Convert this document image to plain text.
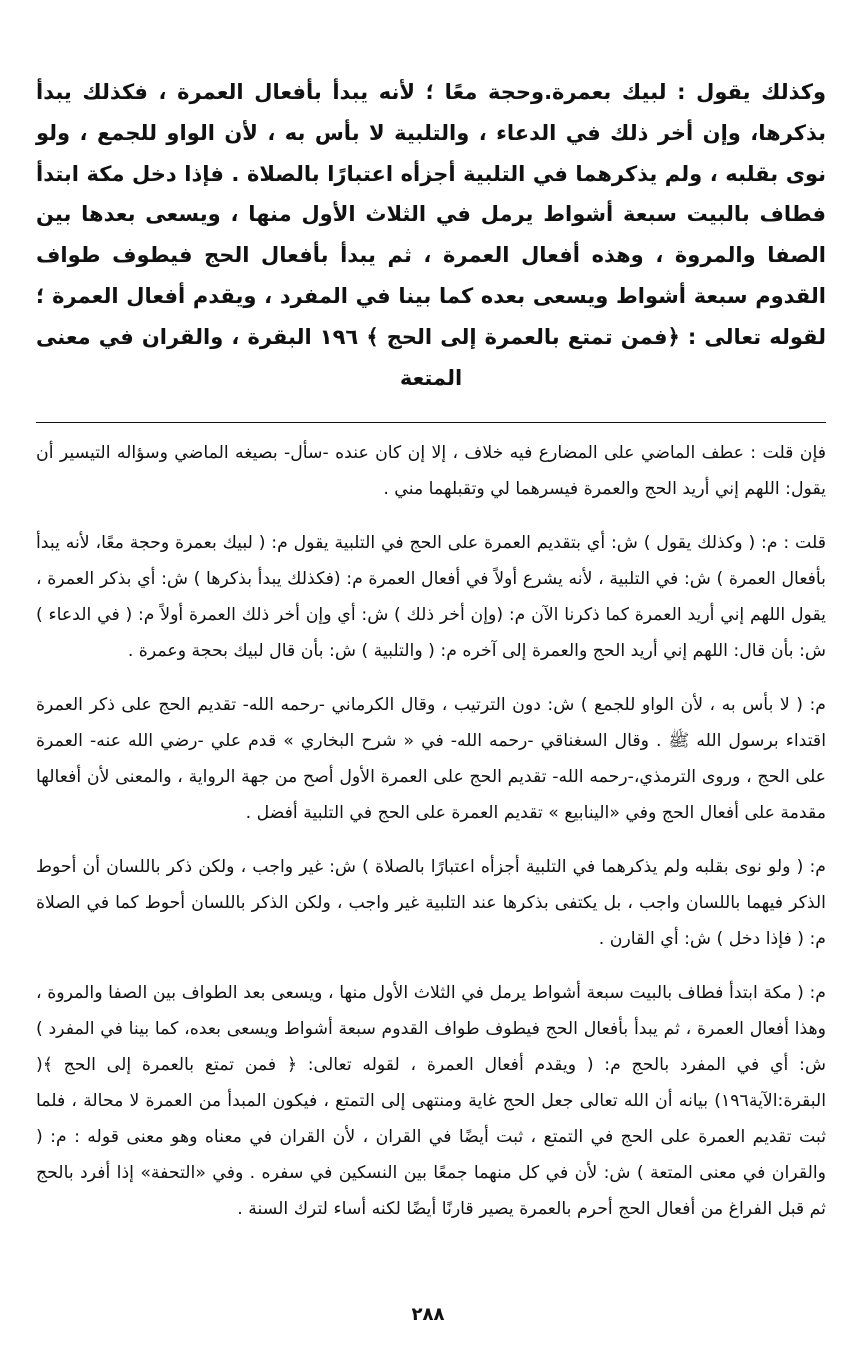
وكذلك يقول : لبيك بعمرة.وحجة معًا ؛ لأنه يبدأ بأفعال العمرة ، فكذلك يبدأ بذكرها، وإن أخر ذلك في الدعاء ، والتلبية لا بأس به ، لأن الواو للجمع ، ولو نوى بقلبه ، ولم يذكرهما في التلبية أجزأه اعتبارًا بالصلاة . فإذا دخل مكة ابتدأ فطاف بالبيت سبعة أشواط يرمل في الثلاث الأول منها ، ويسعى بعدها بين الصفا والمروة ، وهذه أفعال العمرة ، ثم يبدأ بأفعال الحج فيطوف طواف القدوم سبعة أشواط ويسعى بعده كما بينا في المفرد ، ويقدم أفعال العمرة ؛ لقوله تعالى : ﴿فمن تمتع بالعمرة إلى الحج ﴾ ١٩٦ البقرة ، والقران في معنى المتعة

فإن قلت : عطف الماضي على المضارع فيه خلاف ، إلا إن كان عنده -سأل- بصيغه الماضي وسؤاله التيسير أن يقول: اللهم إني أريد الحج والعمرة فيسرهما لي وتقبلهما مني .

قلت : م: ( وكذلك يقول ) ش: أي بتقديم العمرة على الحج في التلبية يقول م: ( لبيك بعمرة وحجة معًا، لأنه يبدأ بأفعال العمرة ) ش: في التلبية ، لأنه يشرع أولاً في أفعال العمرة م: (فكذلك يبدأ بذكرها ) ش: أي بذكر العمرة ، يقول اللهم إني أريد العمرة كما ذكرنا الآن م: (وإن أخر ذلك ) ش: أي وإن أخر ذلك العمرة أولاً م: ( في الدعاء ) ش: بأن قال: اللهم إني أريد الحج والعمرة إلى آخره م: ( والتلبية ) ش: بأن قال لبيك بحجة وعمرة .

م: ( لا بأس به ، لأن الواو للجمع ) ش: دون الترتيب ، وقال الكرماني -رحمه الله- تقديم الحج على ذكر العمرة اقتداء برسول الله ﷺ . وقال السغناقي -رحمه الله- في « شرح البخاري » قدم علي -رضي الله عنه- العمرة على الحج ، وروى الترمذي،-رحمه الله- تقديم الحج على العمرة الأول أصح من جهة الرواية ، والمعنى لأن أفعالها مقدمة على أفعال الحج وفي «الينابيع » تقديم العمرة على الحج في التلبية أفضل .

م: ( ولو نوى بقلبه ولم يذكرهما في التلبية أجزأه اعتبارًا بالصلاة ) ش: غير واجب ، ولكن ذكر باللسان أن أحوط الذكر فيهما باللسان واجب ، بل يكتفى بذكرها عند التلبية غير واجب ، ولكن الذكر باللسان أحوط كما في الصلاة م: ( فإذا دخل ) ش: أي القارن .

م: ( مكة ابتدأ فطاف بالبيت سبعة أشواط يرمل في الثلاث الأول منها ، ويسعى بعد الطواف بين الصفا والمروة ، وهذا أفعال العمرة ، ثم يبدأ بأفعال الحج فيطوف طواف القدوم سبعة أشواط ويسعى بعده، كما بينا في المفرد ) ش: أي في المفرد بالحج م: ( ويقدم أفعال العمرة ، لقوله تعالى: ﴿ فمن تمتع بالعمرة إلى الحج ﴾( البقرة:الآية١٩٦) بيانه أن الله تعالى جعل الحج غاية ومنتهى إلى التمتع ، فيكون المبدأ من العمرة لا محالة ، فلما ثبت تقديم العمرة على الحج في التمتع ، ثبت أيضًا في القران ، لأن القران في معناه وهو معنى قوله : م: ( والقران في معنى المتعة ) ش: لأن في كل منهما جمعًا بين النسكين في سفره . وفي «التحفة» إذا أفرد بالحج ثم قبل الفراغ من أفعال الحج أحرم بالعمرة يصير قارنًا أيضًا لكنه أساء لترك السنة .

٢٨٨
